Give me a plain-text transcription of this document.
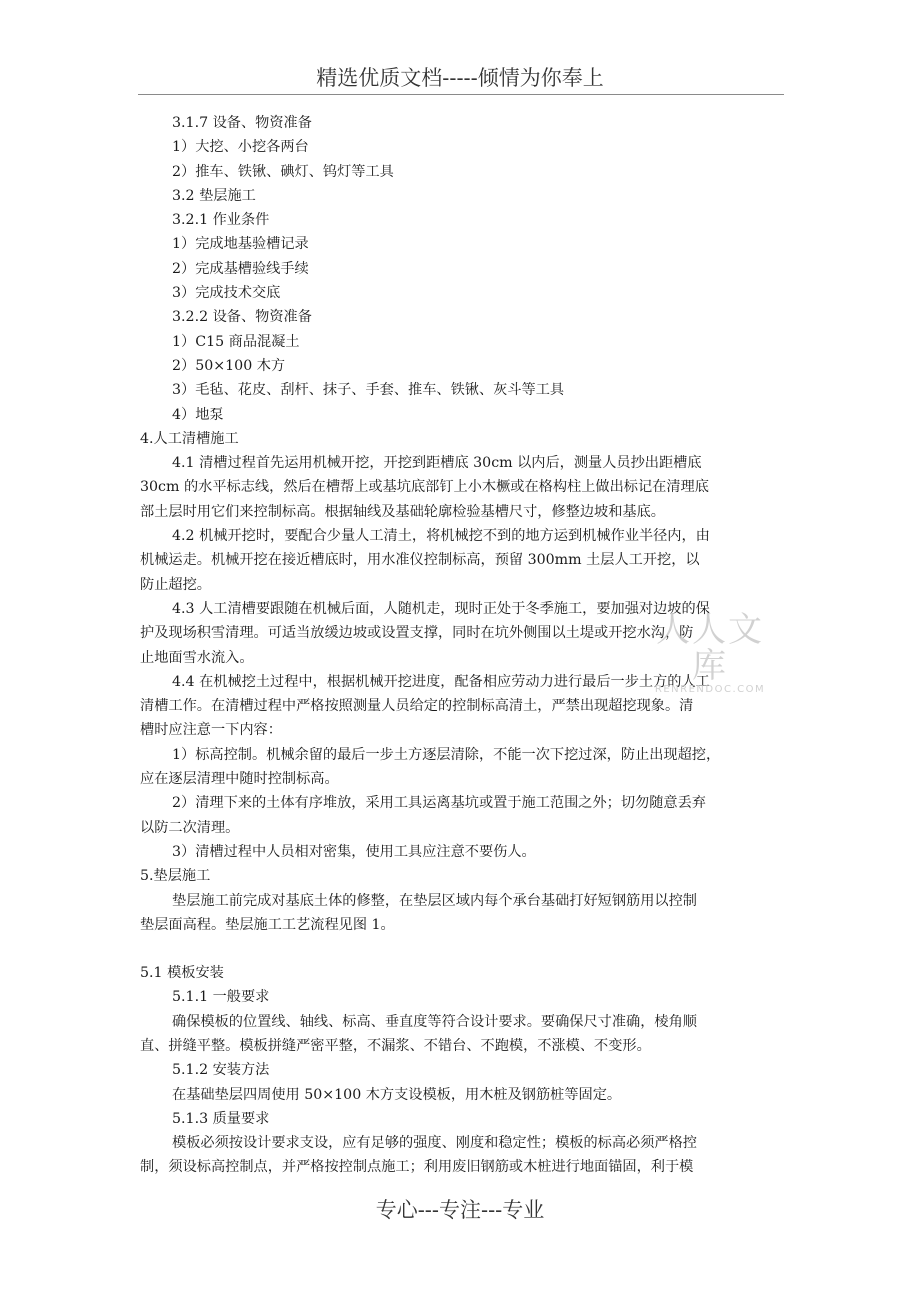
精选优质文档-----倾情为你奉上

3.1.7 设备、物资准备

1）大挖、小挖各两台

2）推车、铁锹、碘灯、钨灯等工具

3.2 垫层施工

3.2.1 作业条件

1）完成地基验槽记录

2）完成基槽验线手续

3）完成技术交底

3.2.2 设备、物资准备

1）C15 商品混凝土

2）50×100 木方

3）毛毡、花皮、刮杆、抹子、手套、推车、铁锹、灰斗等工具

4）地泵

4.人工清槽施工

4.1 清槽过程首先运用机械开挖，开挖到距槽底 30cm 以内后，测量人员抄出距槽底

30cm 的水平标志线，然后在槽帮上或基坑底部钉上小木橛或在格构柱上做出标记在清理底

部土层时用它们来控制标高。根据轴线及基础轮廓检验基槽尺寸，修整边坡和基底。

4.2 机械开挖时，要配合少量人工清土，将机械挖不到的地方运到机械作业半径内，由

机械运走。机械开挖在接近槽底时，用水准仪控制标高，预留 300mm 土层人工开挖，以

防止超挖。

4.3 人工清槽要跟随在机械后面，人随机走，现时正处于冬季施工，要加强对边坡的保

护及现场积雪清理。可适当放缓边坡或设置支撑，同时在坑外侧围以土堤或开挖水沟，防

止地面雪水流入。

4.4 在机械挖土过程中，根据机械开挖进度，配备相应劳动力进行最后一步土方的人工

清槽工作。在清槽过程中严格按照测量人员给定的控制标高清土，严禁出现超挖现象。清

槽时应注意一下内容：

1）标高控制。机械余留的最后一步土方逐层清除，不能一次下挖过深，防止出现超挖，

应在逐层清理中随时控制标高。

2）清理下来的土体有序堆放，采用工具运离基坑或置于施工范围之外；切勿随意丢弃

以防二次清理。

3）清槽过程中人员相对密集，使用工具应注意不要伤人。

5.垫层施工

垫层施工前完成对基底土体的修整，在垫层区域内每个承台基础打好短钢筋用以控制

垫层面高程。垫层施工工艺流程见图 1。

5.1 模板安装

5.1.1 一般要求

确保模板的位置线、轴线、标高、垂直度等符合设计要求。要确保尺寸准确，棱角顺

直、拼缝平整。模板拼缝严密平整，不漏浆、不错台、不跑模，不涨模、不变形。

5.1.2 安装方法

在基础垫层四周使用 50×100 木方支设模板，用木桩及钢筋桩等固定。

5.1.3 质量要求

模板必须按设计要求支设，应有足够的强度、刚度和稳定性；模板的标高必须严格控

制，须设标高控制点，并严格按控制点施工；利用废旧钢筋或木桩进行地面锚固，利于模

人人文库
RENRENDOC.COM
专心---专注---专业
